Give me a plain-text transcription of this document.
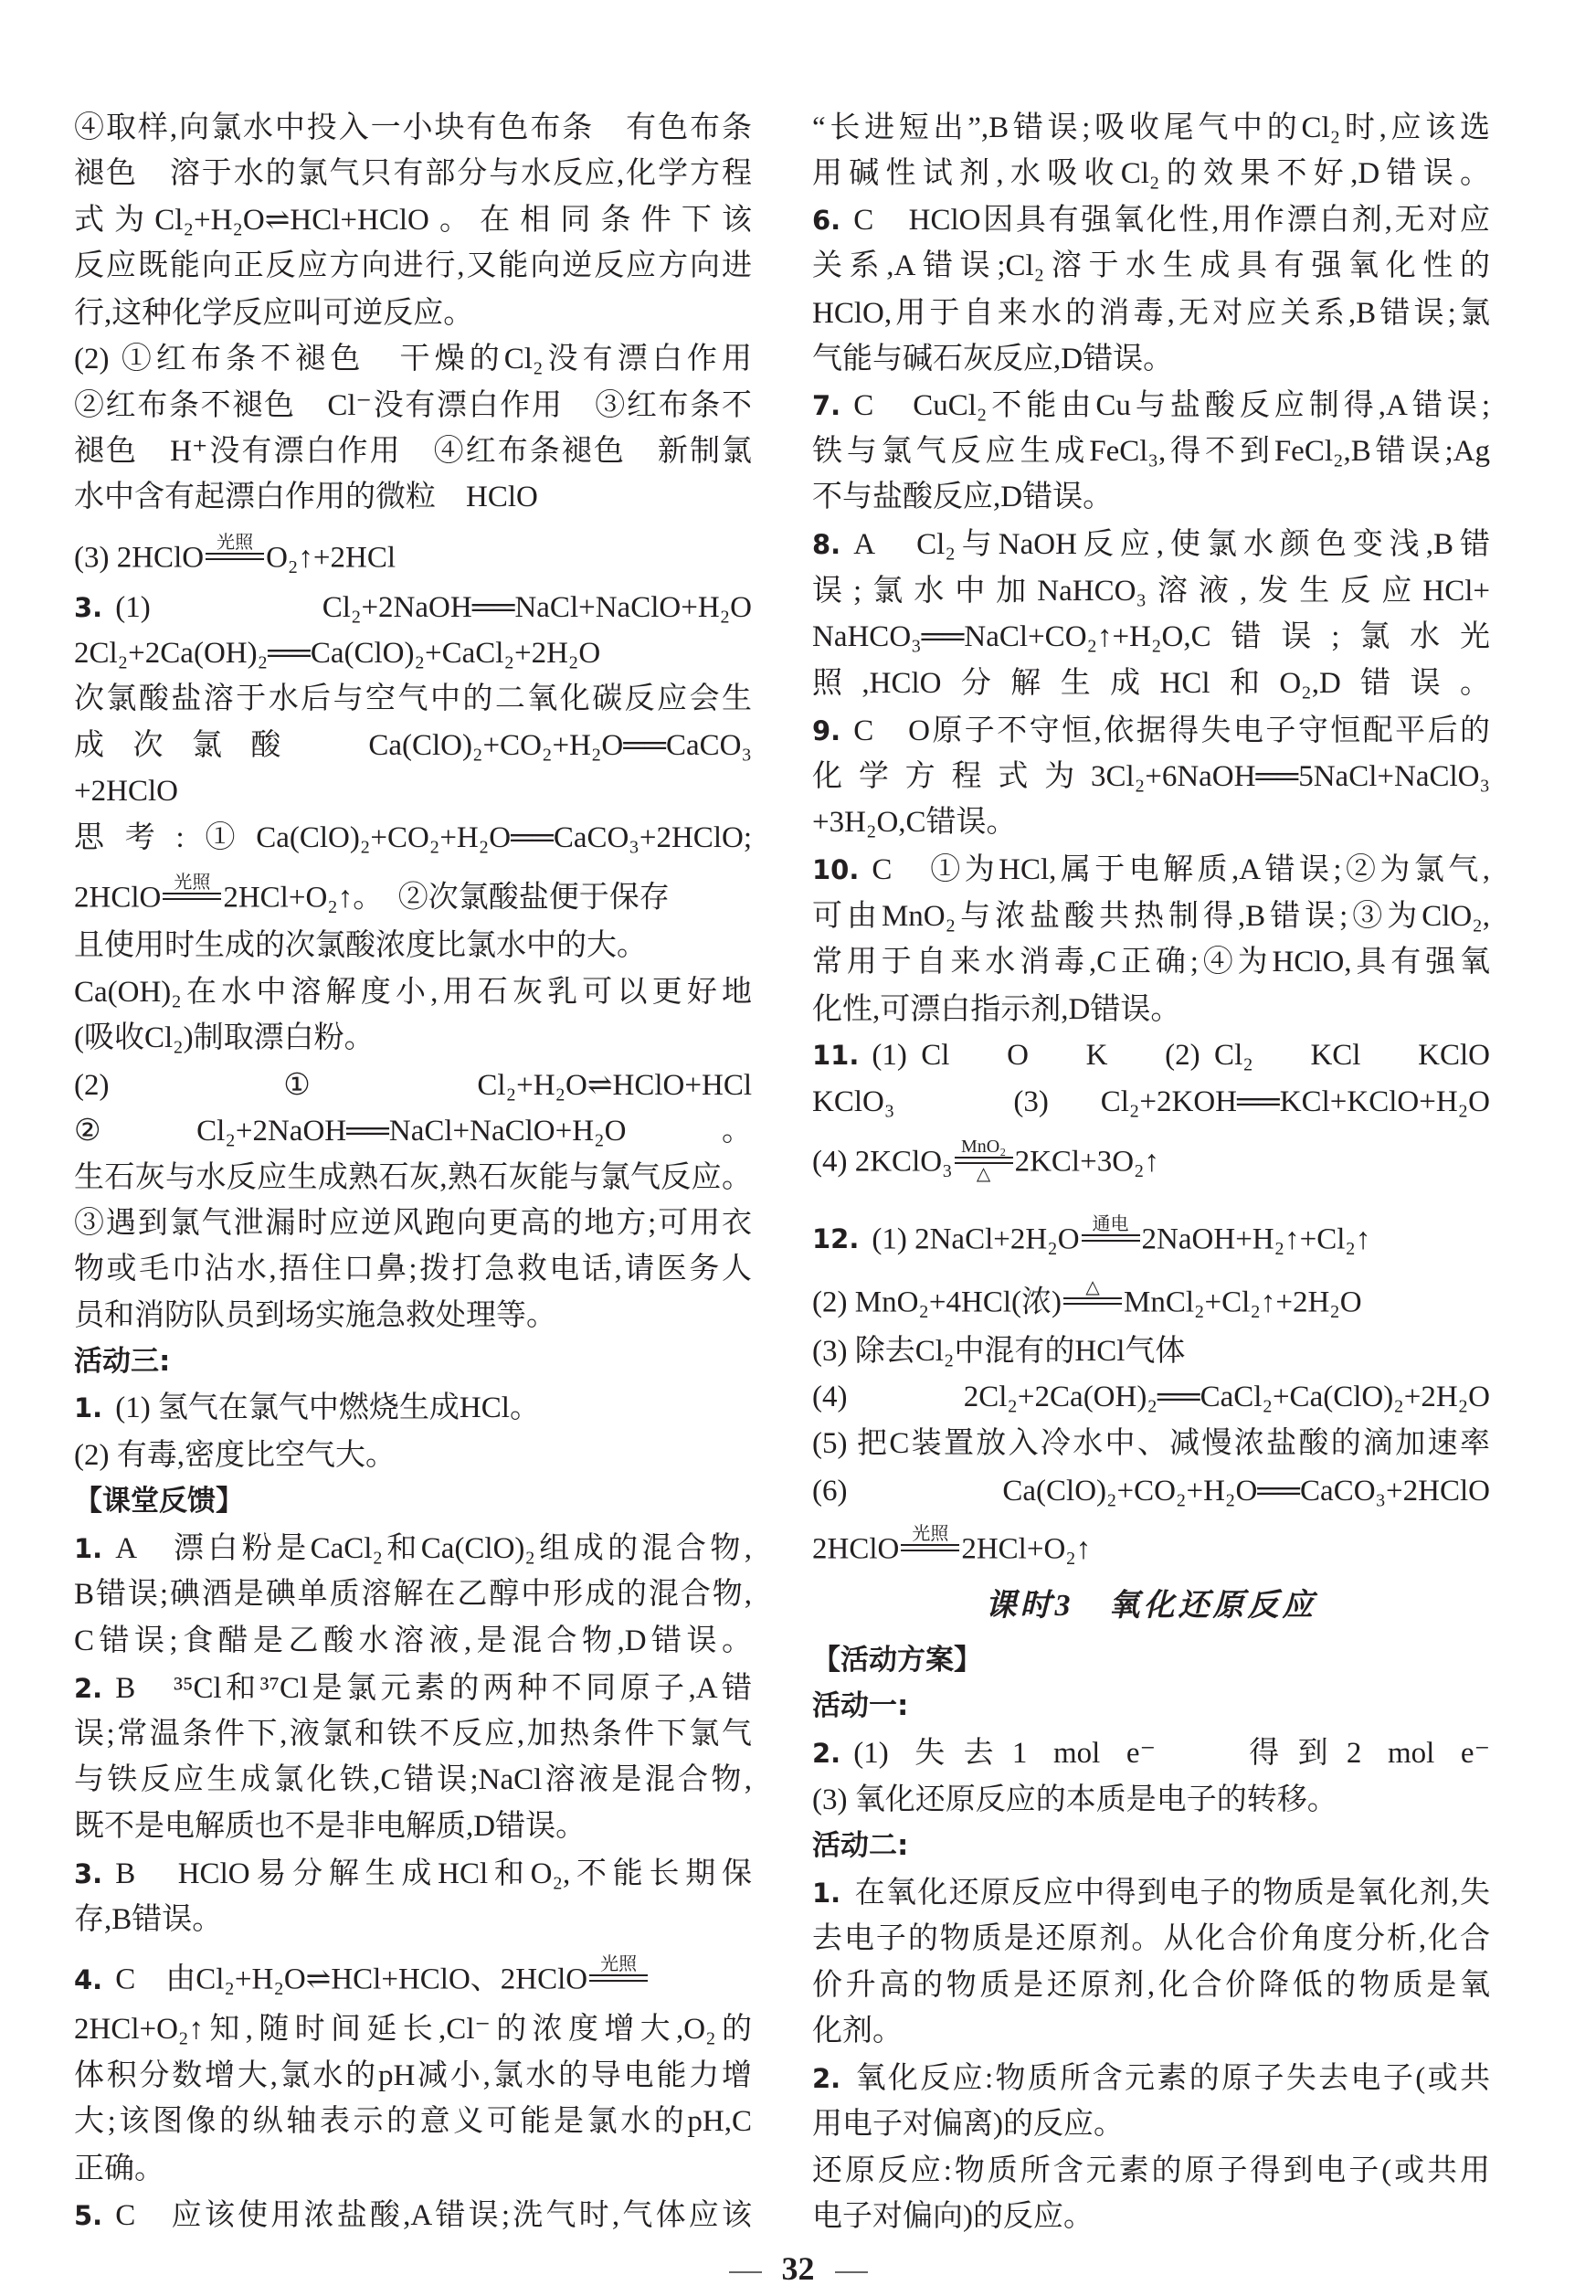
④取样,向氯水中投入一小块有色布条　有色布条
褪色　溶于水的氯气只有部分与水反应,化学方程
式为Cl₂+H₂O⇌HCl+HClO。在相同条件下该
反应既能向正反应方向进行,又能向逆反应方向进
行,这种化学反应叫可逆反应。
(2) ①红布条不褪色　干燥的Cl₂没有漂白作用
②红布条不褪色　Cl⁻没有漂白作用　③红布条不
褪色　H⁺没有漂白作用　④红布条褪色　新制氯
水中含有起漂白作用的微粒　HClO
(3) 2HClO 光照 O₂↑+2HCl
3. (1) Cl₂+2NaOH══NaCl+NaClO+H₂O
2Cl₂+2Ca(OH)₂══Ca(ClO)₂+CaCl₂+2H₂O
次氯酸盐溶于水后与空气中的二氧化碳反应会生
成次氯酸　Ca(ClO)₂+CO₂+H₂O══CaCO₃
+2HClO
思考:①Ca(ClO)₂+CO₂+H₂O══CaCO₃+2HClO;
2HClO 光照 2HCl+O₂↑。　②次氯酸盐便于保存
且使用时生成的次氯酸浓度比氯水中的大。
Ca(OH)₂在水中溶解度小,用石灰乳可以更好地
(吸收Cl₂)制取漂白粉。
(2) ①Cl₂+H₂O⇌HClO+HCl
②Cl₂+2NaOH══NaCl+NaClO+H₂O。
生石灰与水反应生成熟石灰,熟石灰能与氯气反应。
③遇到氯气泄漏时应逆风跑向更高的地方;可用衣
物或毛巾沾水,捂住口鼻;拨打急救电话,请医务人
员和消防队员到场实施急救处理等。
活动三:
1. (1) 氢气在氯气中燃烧生成HCl。
(2) 有毒,密度比空气大。
【课堂反馈】
1. A　漂白粉是CaCl₂和Ca(ClO)₂组成的混合物,
B错误;碘酒是碘单质溶解在乙醇中形成的混合物,
C错误;食醋是乙酸水溶液,是混合物,D错误。
2. B　³⁵Cl和³⁷Cl是氯元素的两种不同原子,A错
误;常温条件下,液氯和铁不反应,加热条件下氯气
与铁反应生成氯化铁,C错误;NaCl溶液是混合物,
既不是电解质也不是非电解质,D错误。
3. B　HClO易分解生成HCl和O₂,不能长期保
存,B错误。
4. C　由Cl₂+H₂O⇌HCl+HClO、2HClO 光照
2HCl+O₂↑知,随时间延长,Cl⁻的浓度增大,O₂的
体积分数增大,氯水的pH减小,氯水的导电能力增
大;该图像的纵轴表示的意义可能是氯水的pH,C
正确。
5. C　应该使用浓盐酸,A错误;洗气时,气体应该
“长进短出”,B错误;吸收尾气中的Cl₂时,应该选
用碱性试剂,水吸收Cl₂的效果不好,D错误。
6. C　HClO因具有强氧化性,用作漂白剂,无对应
关系,A错误;Cl₂溶于水生成具有强氧化性的
HClO,用于自来水的消毒,无对应关系,B错误;氯
气能与碱石灰反应,D错误。
7. C　CuCl₂不能由Cu与盐酸反应制得,A错误;
铁与氯气反应生成FeCl₃,得不到FeCl₂,B错误;Ag
不与盐酸反应,D错误。
8. A　Cl₂与NaOH反应,使氯水颜色变浅,B错
误;氯水中加NaHCO₃溶液,发生反应HCl+
NaHCO₃══NaCl+CO₂↑+H₂O,C错误;氯水光
照,HClO分解生成HCl和O₂,D错误。
9. C　O原子不守恒,依据得失电子守恒配平后的
化学方程式为3Cl₂+6NaOH══5NaCl+NaClO₃
+3H₂O,C错误。
10. C　①为HCl,属于电解质,A错误;②为氯气,
可由MnO₂与浓盐酸共热制得,B错误;③为ClO₂,
常用于自来水消毒,C正确;④为HClO,具有强氧
化性,可漂白指示剂,D错误。
11. (1) Cl　 O　 K　 (2) Cl₂　 KCl　 KClO
KClO₃　(3) Cl₂+2KOH══KCl+KClO+H₂O
(4) 2KClO₃ MnO₂
△ 2KCl+3O₂↑
12. (1) 2NaCl+2H₂O 通电 2NaOH+H₂↑+Cl₂↑
(2) MnO₂+4HCl(浓) △ MnCl₂+Cl₂↑+2H₂O
(3) 除去Cl₂中混有的HCl气体
(4) 2Cl₂+2Ca(OH)₂══CaCl₂+Ca(ClO)₂+2H₂O
(5) 把C装置放入冷水中、减慢浓盐酸的滴加速率
(6) Ca(ClO)₂+CO₂+H₂O══CaCO₃+2HClO
2HClO 光照 2HCl+O₂↑
课时3　氧化还原反应
【活动方案】
活动一:
2. (1) 失去1 mol e⁻　 得到2 mol e⁻
(3) 氧化还原反应的本质是电子的转移。
活动二:
1. 在氧化还原反应中得到电子的物质是氧化剂,失
去电子的物质是还原剂。从化合价角度分析,化合
价升高的物质是还原剂,化合价降低的物质是氧
化剂。
2. 氧化反应:物质所含元素的原子失去电子(或共
用电子对偏离)的反应。
还原反应:物质所含元素的原子得到电子(或共用
电子对偏向)的反应。
32
